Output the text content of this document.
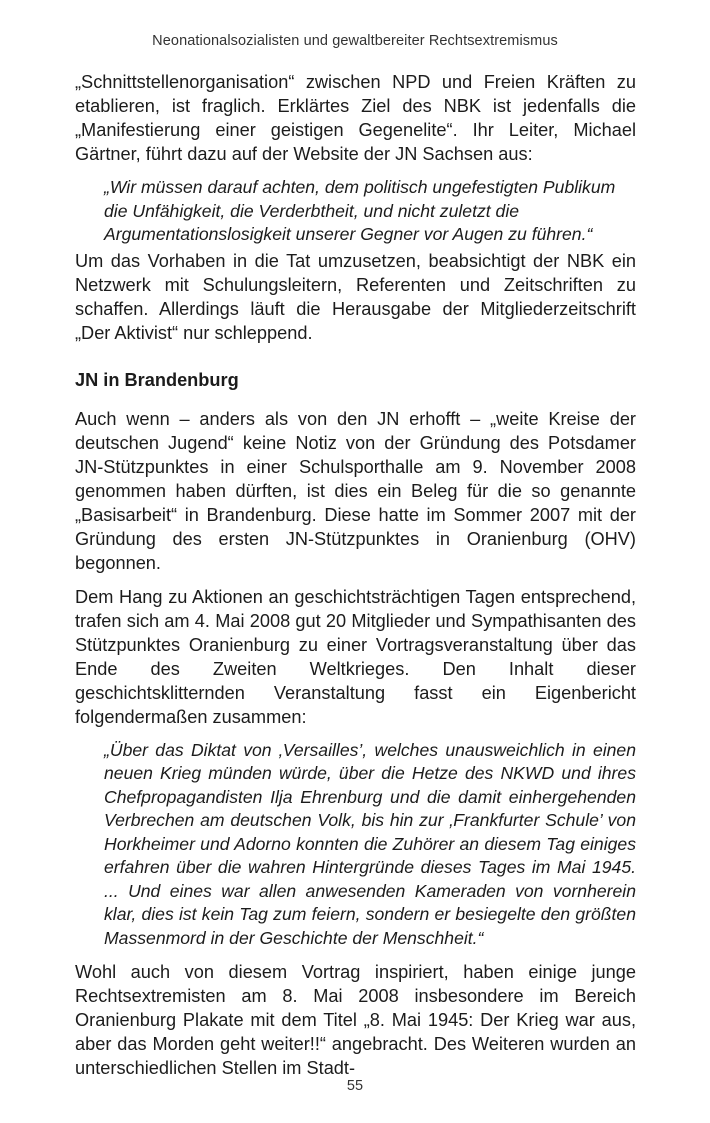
Neonationalsozialisten und gewaltbereiter Rechtsextremismus

„Schnittstellenorganisation“ zwischen NPD und Freien Kräften zu etablieren, ist fraglich. Erklärtes Ziel des NBK ist jedenfalls die „Manifestierung einer geistigen Gegenelite“. Ihr Leiter, Michael Gärtner, führt dazu auf der Website der JN Sachsen aus:

„Wir müssen darauf achten, dem politisch ungefestigten Publikum die Unfähigkeit, die Verderbtheit, und nicht zuletzt die Argumentationslosigkeit unserer Gegner vor Augen zu führen.“

Um das Vorhaben in die Tat umzusetzen, beabsichtigt der NBK ein Netzwerk mit Schulungsleitern, Referenten und Zeitschriften zu schaffen. Allerdings läuft die Herausgabe der Mitgliederzeitschrift „Der Aktivist“ nur schleppend.

JN in Brandenburg

Auch wenn – anders als von den JN erhofft – „weite Kreise der deutschen Jugend“ keine Notiz von der Gründung des Potsdamer JN-Stützpunktes in einer Schulsporthalle am 9. November 2008 genommen haben dürften, ist dies ein Beleg für die so genannte „Basisarbeit“ in Brandenburg. Diese hatte im Sommer 2007 mit der Gründung des ersten JN-Stützpunktes in Oranienburg (OHV) begonnen.

Dem Hang zu Aktionen an geschichtsträchtigen Tagen entsprechend, trafen sich am 4. Mai 2008 gut 20 Mitglieder und Sympathisanten des Stützpunktes Oranienburg zu einer Vortragsveranstaltung über das Ende des Zweiten Weltkrieges. Den Inhalt dieser geschichtsklitternden Veranstaltung fasst ein Eigenbericht folgendermaßen zusammen:

„Über das Diktat von ‚Versailles’, welches unausweichlich in einen neuen Krieg münden würde, über die Hetze des NKWD und ihres Chefpropagandisten Ilja Ehrenburg und die damit einhergehenden Verbrechen am deutschen Volk, bis hin zur ‚Frankfurter Schule’ von Horkheimer und Adorno konnten die Zuhörer an diesem Tag einiges erfahren über die wahren Hintergründe dieses Tages im Mai 1945. ... Und eines war allen anwesenden Kameraden von vornherein klar, dies ist kein Tag zum feiern, sondern er besiegelte den größten Massenmord in der Geschichte der Menschheit.“

Wohl auch von diesem Vortrag inspiriert, haben einige junge Rechtsextremisten am 8. Mai 2008 insbesondere im Bereich Oranienburg Plakate mit dem Titel „8. Mai 1945: Der Krieg war aus, aber das Morden geht weiter!!“ angebracht. Des Weiteren wurden an unterschiedlichen Stellen im Stadt-

55
